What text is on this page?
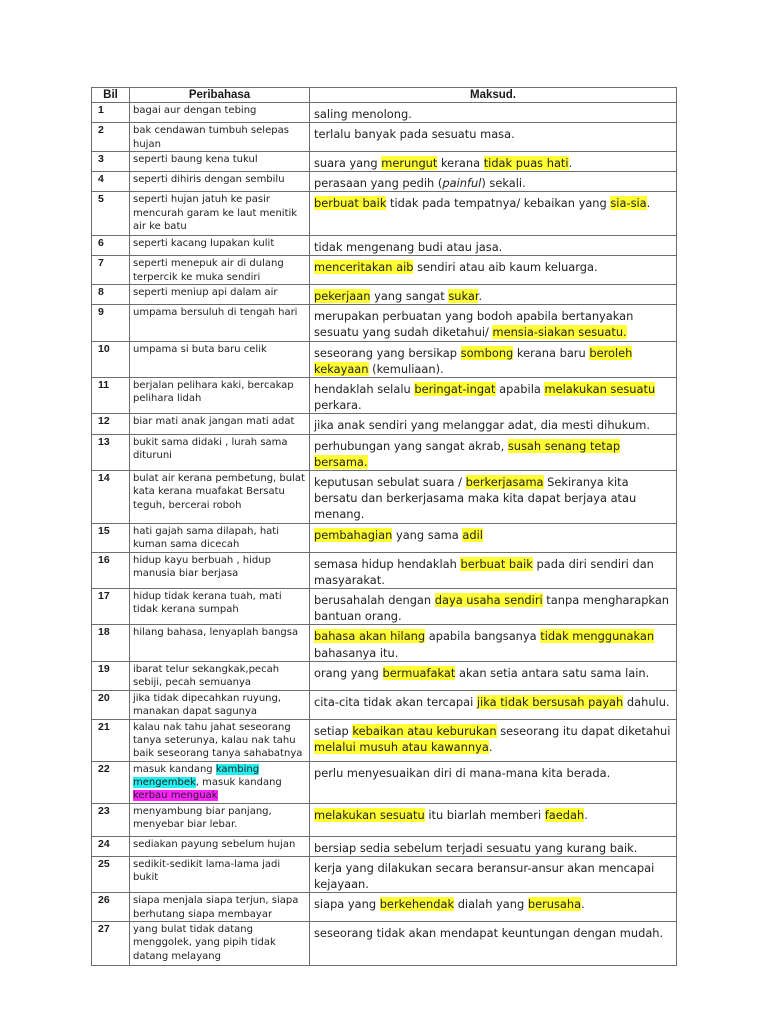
Bil	Peribahasa	Maksud.
1	bagai aur dengan tebing	saling menolong.
2	bak cendawan tumbuh selepas hujan	terlalu banyak pada sesuatu masa.
3	seperti baung kena tukul	suara yang merungut kerana tidak puas hati.
4	seperti dihiris dengan sembilu	perasaan yang pedih (painful) sekali.
5	seperti hujan jatuh ke pasir mencurah garam ke laut menitik air ke batu	berbuat baik tidak pada tempatnya/ kebaikan yang sia-sia.
6	seperti kacang lupakan kulit	tidak mengenang budi atau jasa.
7	seperti menepuk air di dulang terpercik ke muka sendiri	menceritakan aib sendiri atau aib kaum keluarga.
8	seperti meniup api dalam air	pekerjaan yang sangat sukar.
9	umpama bersuluh di tengah hari	merupakan perbuatan yang bodoh apabila bertanyakan sesuatu yang sudah diketahui/ mensia-siakan sesuatu.
10	umpama si buta baru celik	seseorang yang bersikap sombong kerana baru beroleh kekayaan (kemuliaan).
11	berjalan pelihara kaki, bercakap pelihara lidah	hendaklah selalu beringat-ingat apabila melakukan sesuatu perkara.
12	biar mati anak jangan mati adat	jika anak sendiri yang melanggar adat, dia mesti dihukum.
13	bukit sama didaki , lurah sama dituruni	perhubungan yang sangat akrab, susah senang tetap bersama.
14	bulat air kerana pembetung, bulat kata kerana muafakat Bersatu teguh, bercerai roboh	keputusan sebulat suara / berkerjasama Sekiranya kita bersatu dan berkerjasama maka kita dapat berjaya atau menang.
15	hati gajah sama dilapah, hati kuman sama dicecah	pembahagian yang sama adil
16	hidup kayu berbuah , hidup manusia biar berjasa	semasa hidup hendaklah berbuat baik pada diri sendiri dan masyarakat.
17	hidup tidak kerana tuah, mati tidak kerana sumpah	berusahalah dengan daya usaha sendiri tanpa mengharapkan bantuan orang.
18	hilang bahasa, lenyaplah bangsa	bahasa akan hilang apabila bangsanya tidak menggunakan bahasanya itu.
19	ibarat telur sekangkak,pecah sebiji, pecah semuanya	orang yang bermuafakat akan setia antara satu sama lain.
20	jika tidak dipecahkan ruyung, manakan dapat sagunya	cita-cita tidak akan tercapai jika tidak bersusah payah dahulu.
21	kalau nak tahu jahat seseorang tanya seterunya, kalau nak tahu baik seseorang tanya sahabatnya	setiap kebaikan atau keburukan seseorang itu dapat diketahui melalui musuh atau kawannya.
22	masuk kandang kambing mengembek, masuk kandang kerbau menguak	perlu menyesuaikan diri di mana-mana kita berada.
23	menyambung biar panjang, menyebar biar lebar.	melakukan sesuatu itu biarlah memberi faedah.
24	sediakan payung sebelum hujan	bersiap sedia sebelum terjadi sesuatu yang kurang baik.
25	sedikit-sedikit lama-lama jadi bukit	kerja yang dilakukan secara beransur-ansur akan mencapai kejayaan.
26	siapa menjala siapa terjun, siapa berhutang siapa membayar	siapa yang berkehendak dialah yang berusaha.
27	yang bulat tidak datang menggolek, yang pipih tidak datang melayang	seseorang tidak akan mendapat keuntungan dengan mudah.
